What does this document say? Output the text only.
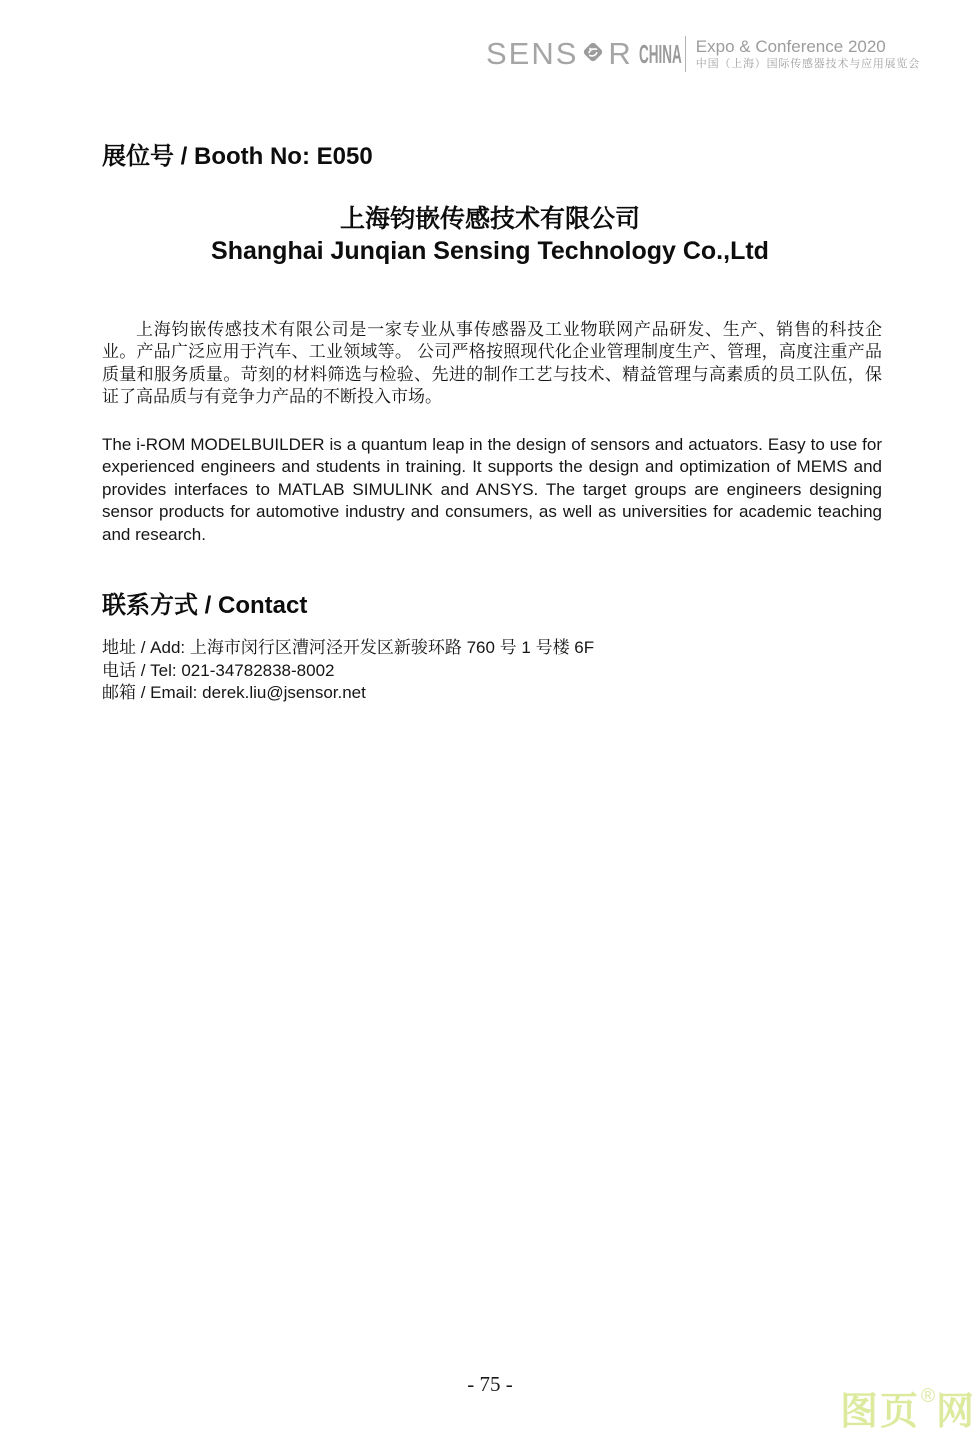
SENS R CHINA Expo & Conference 2020
中国（上海）国际传感器技术与应用展览会
展位号 / Booth No: E050
上海钧嵌传感技术有限公司
Shanghai Junqian Sensing Technology Co.,Ltd
上海钧嵌传感技术有限公司是一家专业从事传感器及工业物联网产品研发、生产、销售的科技企业。产品广泛应用于汽车、工业领域等。 公司严格按照现代化企业管理制度生产、管理，高度注重产品质量和服务质量。苛刻的材料筛选与检验、先进的制作工艺与技术、精益管理与高素质的员工队伍，保证了高品质与有竞争力产品的不断投入市场。
The i-ROM MODELBUILDER is a quantum leap in the design of sensors and actuators. Easy to use for experienced engineers and students in training. It supports the design and optimization of MEMS and provides interfaces to MATLAB SIMULINK and ANSYS. The target groups are engineers designing sensor products for automotive industry and consumers, as well as universities for academic teaching and research.
联系方式 / Contact
地址 / Add: 上海市闵行区漕河泾开发区新骏环路 760 号 1 号楼 6F
电话 / Tel: 021-34782838-8002
邮箱 / Email: derek.liu@jsensor.net
- 75 -
图页®网
